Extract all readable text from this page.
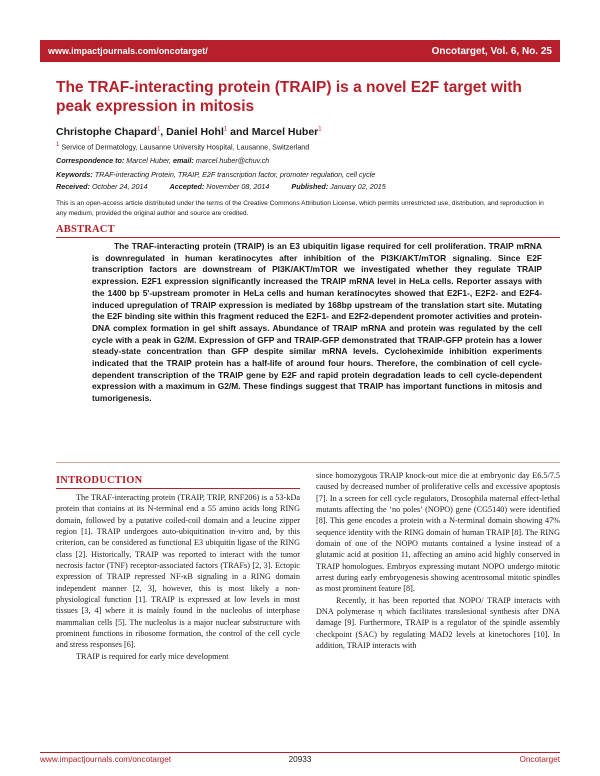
www.impactjournals.com/oncotarget/	Oncotarget, Vol. 6, No. 25
The TRAF-interacting protein (TRAIP) is a novel E2F target with peak expression in mitosis
Christophe Chapard$^1$, Daniel Hohl$^1$ and Marcel Huber$^1$
$^1$ Service of Dermatology, Lausanne University Hospital, Lausanne, Switzerland
Correspondence to: Marcel Huber, email: marcel.huber@chuv.ch
Keywords: TRAF-interacting Protein, TRAIP, E2F transcription factor, promoter regulation, cell cycle
Received: October 24, 2014	Accepted: November 08, 2014	Published: January 02, 2015
This is an open-access article distributed under the terms of the Creative Commons Attribution License, which permits unrestricted use, distribution, and reproduction in any medium, provided the original author and source are credited.
ABSTRACT

The TRAF-interacting protein (TRAIP) is an E3 ubiquitin ligase required for cell proliferation. TRAIP mRNA is downregulated in human keratinocytes after inhibition of the PI3K/AKT/mTOR signaling. Since E2F transcription factors are downstream of PI3K/AKT/mTOR we investigated whether they regulate TRAIP expression. E2F1 expression significantly increased the TRAIP mRNA level in HeLa cells. Reporter assays with the 1400 bp 5'-upstream promoter in HeLa cells and human keratinocytes showed that E2F1-, E2F2- and E2F4-induced upregulation of TRAIP expression is mediated by 168bp upstream of the translation start site. Mutating the E2F binding site within this fragment reduced the E2F1- and E2F2-dependent promoter activities and protein-DNA complex formation in gel shift assays. Abundance of TRAIP mRNA and protein was regulated by the cell cycle with a peak in G2/M. Expression of GFP and TRAIP-GFP demonstrated that TRAIP-GFP protein has a lower steady-state concentration than GFP despite similar mRNA levels. Cycloheximide inhibition experiments indicated that the TRAIP protein has a half-life of around four hours. Therefore, the combination of cell cycle-dependent transcription of the TRAIP gene by E2F and rapid protein degradation leads to cell cycle-dependent expression with a maximum in G2/M. These findings suggest that TRAIP has important functions in mitosis and tumorigenesis.

INTRODUCTION

The TRAF-interacting protein (TRAIP, TRIP, RNF206) is a 53-kDa protein that contains at its N-terminal end a 55 amino acids long RING domain, followed by a putative coiled-coil domain and a leucine zipper region [1]. TRAIP undergoes auto-ubiquitination in-vitro and, by this criterion, can be considered as functional E3 ubiquitin ligase of the RING class [2]. Historically, TRAIP was reported to interact with the tumor necrosis factor (TNF) receptor-associated factors (TRAFs) [2, 3]. Ectopic expression of TRAIP repressed NF-κB signaling in a RING domain independent manner [2, 3], however, this is most likely a non-physiological function [1]. TRAIP is expressed at low levels in most tissues [3, 4] where it is mainly found in the nucleolus of interphase mammalian cells [5]. The nucleolus is a major nuclear substructure with prominent functions in ribosome formation, the control of the cell cycle and stress responses [6].

TRAIP is required for early mice development

since homozygous TRAIP knock-out mice die at embryonic day E6.5/7.5 caused by decreased number of proliferative cells and excessive apoptosis [7]. In a screen for cell cycle regulators, Drosophila maternal effect-lethal mutants affecting the ‘no poles’ (NOPO) gene (CG5140) were identified [8]. This gene encodes a protein with a N-terminal domain showing 47% sequence identity with the RING domain of human TRAIP [8]. The RING domain of one of the NOPO mutants contained a lysine instead of a glutamic acid at position 11, affecting an amino acid highly conserved in TRAIP homologues. Embryos expressing mutant NOPO undergo mitotic arrest during early embryogenesis showing acentrosomal mitotic spindles as most prominent feature [8].

Recently, it has been reported that NOPO/ TRAIP interacts with DNA polymerase η which facilitates translesional synthesis after DNA damage [9]. Furthermore, TRAIP is a regulator of the spindle assembly checkpoint (SAC) by regulating MAD2 levels at kinetochores [10]. In addition, TRAIP interacts with

www.impactjournals.com/oncotarget	20933	Oncotarget
